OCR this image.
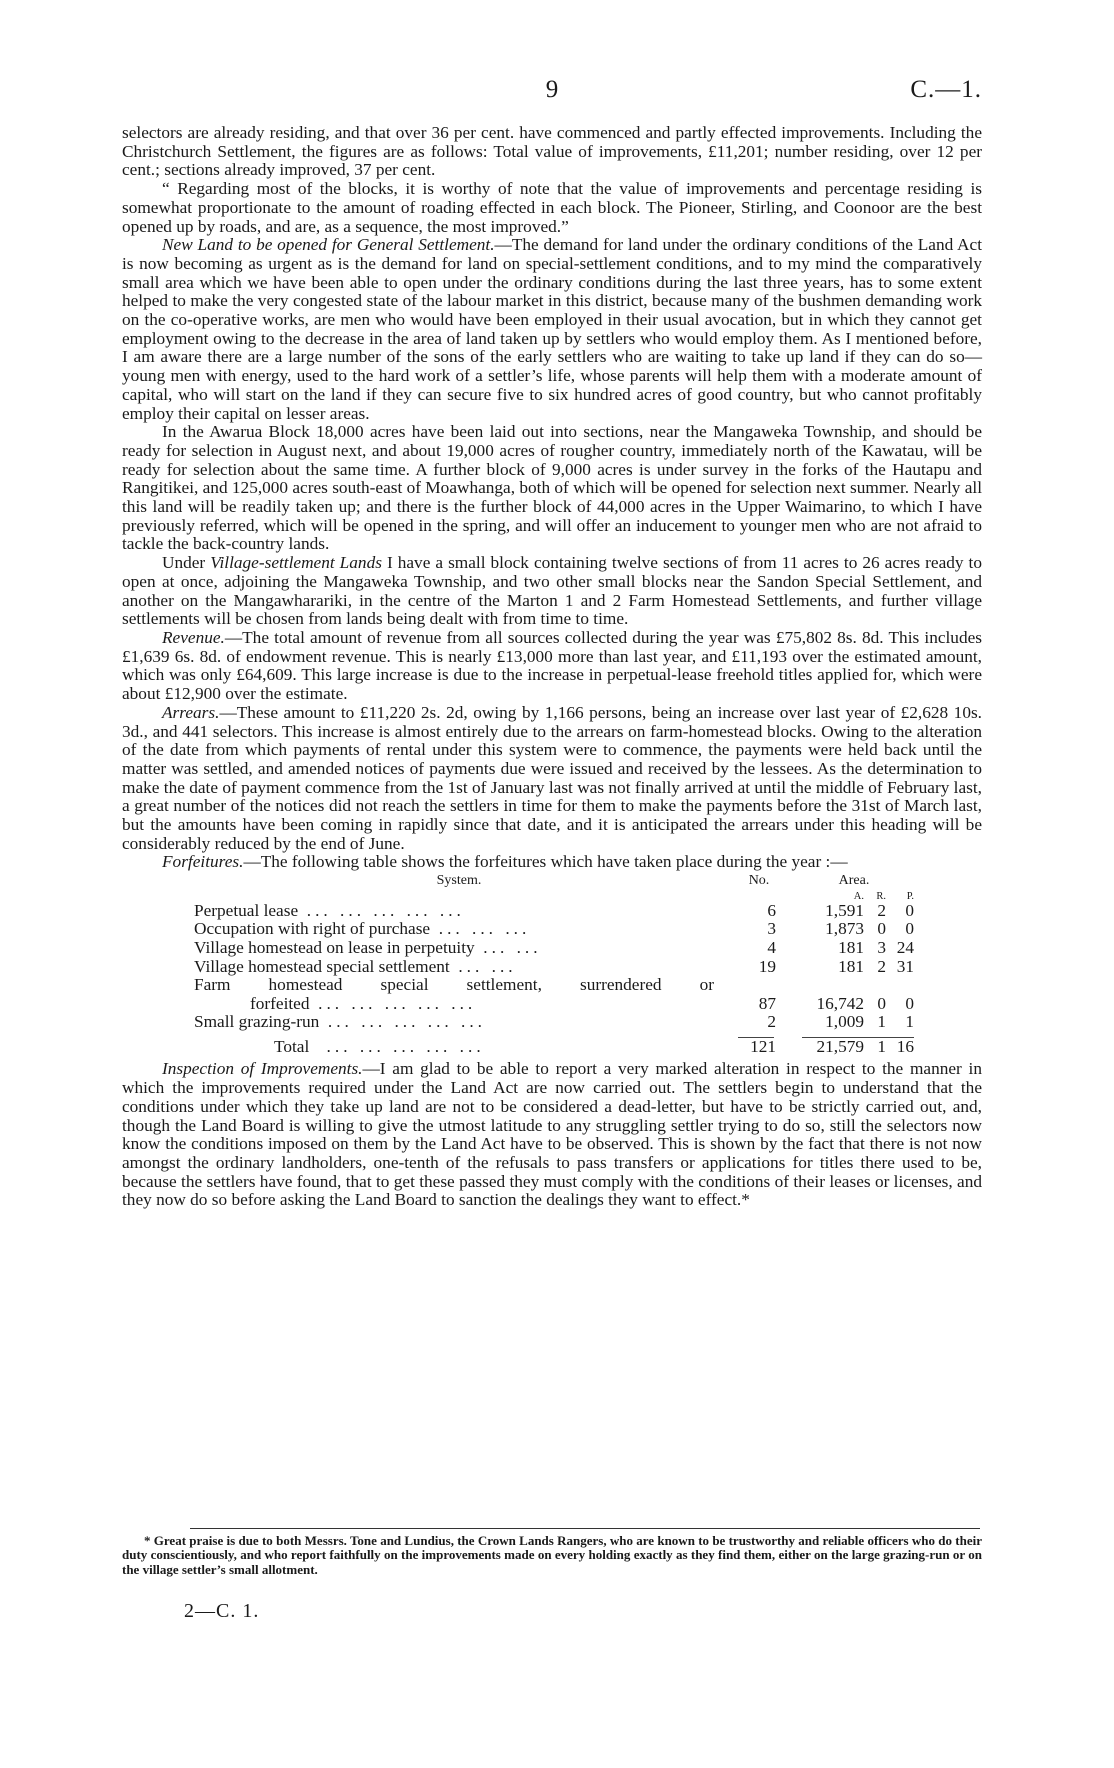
9	C.—1.

selectors are already residing, and that over 36 per cent. have commenced and partly effected improvements. Including the Christchurch Settlement, the figures are as follows: Total value of improvements, £11,201; number residing, over 12 per cent.; sections already improved, 37 per cent.

“ Regarding most of the blocks, it is worthy of note that the value of improvements and percentage residing is somewhat proportionate to the amount of roading effected in each block. The Pioneer, Stirling, and Coonoor are the best opened up by roads, and are, as a sequence, the most improved.”

New Land to be opened for General Settlement.—The demand for land under the ordinary conditions of the Land Act is now becoming as urgent as is the demand for land on special-settlement conditions, and to my mind the comparatively small area which we have been able to open under the ordinary conditions during the last three years, has to some extent helped to make the very congested state of the labour market in this district, because many of the bushmen demanding work on the co-operative works, are men who would have been employed in their usual avocation, but in which they cannot get employment owing to the decrease in the area of land taken up by settlers who would employ them. As I mentioned before, I am aware there are a large number of the sons of the early settlers who are waiting to take up land if they can do so—young men with energy, used to the hard work of a settler’s life, whose parents will help them with a moderate amount of capital, who will start on the land if they can secure five to six hundred acres of good country, but who cannot profitably employ their capital on lesser areas.

In the Awarua Block 18,000 acres have been laid out into sections, near the Mangaweka Township, and should be ready for selection in August next, and about 19,000 acres of rougher country, immediately north of the Kawatau, will be ready for selection about the same time. A further block of 9,000 acres is under survey in the forks of the Hautapu and Rangitikei, and 125,000 acres south-east of Moawhanga, both of which will be opened for selection next summer. Nearly all this land will be readily taken up; and there is the further block of 44,000 acres in the Upper Waimarino, to which I have previously referred, which will be opened in the spring, and will offer an inducement to younger men who are not afraid to tackle the back-country lands.

Under Village-settlement Lands I have a small block containing twelve sections of from 11 acres to 26 acres ready to open at once, adjoining the Mangaweka Township, and two other small blocks near the Sandon Special Settlement, and another on the Mangawharariki, in the centre of the Marton 1 and 2 Farm Homestead Settlements, and further village settlements will be chosen from lands being dealt with from time to time.

Revenue.—The total amount of revenue from all sources collected during the year was £75,802 8s. 8d. This includes £1,639 6s. 8d. of endowment revenue. This is nearly £13,000 more than last year, and £11,193 over the estimated amount, which was only £64,609. This large increase is due to the increase in perpetual-lease freehold titles applied for, which were about £12,900 over the estimate.

Arrears.—These amount to £11,220 2s. 2d, owing by 1,166 persons, being an increase over last year of £2,628 10s. 3d., and 441 selectors. This increase is almost entirely due to the arrears on farm-homestead blocks. Owing to the alteration of the date from which payments of rental under this system were to commence, the payments were held back until the matter was settled, and amended notices of payments due were issued and received by the lessees. As the determination to make the date of payment commence from the 1st of January last was not finally arrived at until the middle of February last, a great number of the notices did not reach the settlers in time for them to make the payments before the 31st of March last, but the amounts have been coming in rapidly since that date, and it is anticipated the arrears under this heading will be considerably reduced by the end of June.

Forfeitures.—The following table shows the forfeitures which have taken place during the year :—

System.	No.	Area.
		A. R. P.
Perpetual lease ... ... ... ... ...	6	1,591 2 0
Occupation with right of purchase ... ... ...	3	1,873 0 0
Village homestead on lease in perpetuity ... ...	4	181 3 24
Village homestead special settlement ... ...	19	181 2 31

Farm homestead special settlement, surrendered or
forfeited ... ... ... ... ...	87	16,742 0 0
Small grazing-run ... ... ... ... ...	2	1,009 1 1

Total ... ... ... ... ...	121	21,579 1 16

Inspection of Improvements.—I am glad to be able to report a very marked alteration in respect to the manner in which the improvements required under the Land Act are now carried out. The settlers begin to understand that the conditions under which they take up land are not to be considered a dead-letter, but have to be strictly carried out, and, though the Land Board is willing to give the utmost latitude to any struggling settler trying to do so, still the selectors now know the conditions imposed on them by the Land Act have to be observed. This is shown by the fact that there is not now amongst the ordinary landholders, one-tenth of the refusals to pass transfers or applications for titles there used to be, because the settlers have found, that to get these passed they must comply with the conditions of their leases or licenses, and they now do so before asking the Land Board to sanction the dealings they want to effect.*

* Great praise is due to both Messrs. Tone and Lundius, the Crown Lands Rangers, who are known to be trustworthy and reliable officers who do their duty conscientiously, and who report faithfully on the improvements made on every holding exactly as they find them, either on the large grazing-run or on the village settler’s small allotment.
2—C. 1.
